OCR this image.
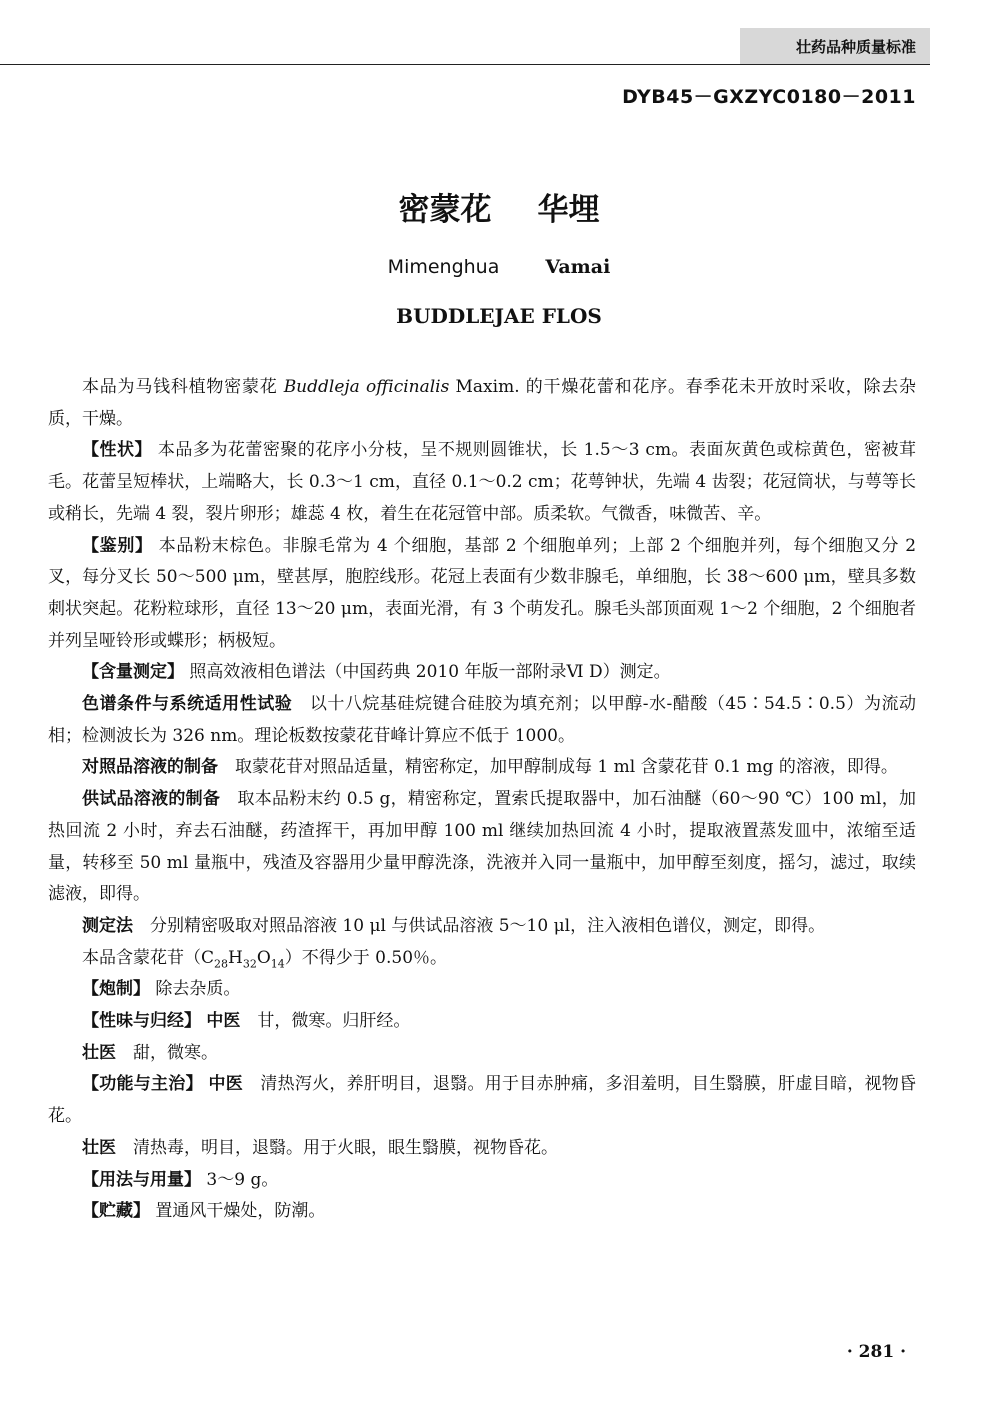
壮药品种质量标准
DYB45－GXZYC0180－2011
密蒙花 华埋
Mimenghua Vamai
BUDDLEJAE FLOS

本品为马钱科植物密蒙花 Buddleja officinalis Maxim. 的干燥花蕾和花序。春季花未开放时采收，除去杂质，干燥。

【性状】 本品多为花蕾密聚的花序小分枝，呈不规则圆锥状，长 1.5～3 cm。表面灰黄色或棕黄色，密被茸毛。花蕾呈短棒状，上端略大，长 0.3～1 cm，直径 0.1～0.2 cm；花萼钟状，先端 4 齿裂；花冠筒状，与萼等长或稍长，先端 4 裂，裂片卵形；雄蕊 4 枚，着生在花冠管中部。质柔软。气微香，味微苦、辛。

【鉴别】 本品粉末棕色。非腺毛常为 4 个细胞，基部 2 个细胞单列；上部 2 个细胞并列，每个细胞又分 2 叉，每分叉长 50～500 μm，壁甚厚，胞腔线形。花冠上表面有少数非腺毛，单细胞，长 38～600 μm，壁具多数刺状突起。花粉粒球形，直径 13～20 μm，表面光滑，有 3 个萌发孔。腺毛头部顶面观 1～2 个细胞，2 个细胞者并列呈哑铃形或蝶形；柄极短。

【含量测定】 照高效液相色谱法（中国药典 2010 年版一部附录Ⅵ D）测定。

色谱条件与系统适用性试验　 以十八烷基硅烷键合硅胶为填充剂；以甲醇-水-醋酸（45∶54.5∶0.5）为流动相；检测波长为 326 nm。理论板数按蒙花苷峰计算应不低于 1000。

对照品溶液的制备　 取蒙花苷对照品适量，精密称定，加甲醇制成每 1 ml 含蒙花苷 0.1 mg 的溶液，即得。

供试品溶液的制备　 取本品粉末约 0.5 g，精密称定，置索氏提取器中，加石油醚（60～90 ℃）100 ml，加热回流 2 小时，弃去石油醚，药渣挥干，再加甲醇 100 ml 继续加热回流 4 小时，提取液置蒸发皿中，浓缩至适量，转移至 50 ml 量瓶中，残渣及容器用少量甲醇洗涤，洗液并入同一量瓶中，加甲醇至刻度，摇匀，滤过，取续滤液，即得。

测定法　 分别精密吸取对照品溶液 10 μl 与供试品溶液 5～10 μl，注入液相色谱仪，测定，即得。

本品含蒙花苷$(C_{28}H_{32}O_{14})$不得少于 0.50％。

【炮制】 除去杂质。

【性味与归经】 中医　 甘，微寒。归肝经。

壮医　 甜，微寒。

【功能与主治】 中医　 清热泻火，养肝明目，退翳。用于目赤肿痛，多泪羞明，目生翳膜，肝虚目暗，视物昏花。

壮医　 清热毒，明目，退翳。用于火眼，眼生翳膜，视物昏花。

【用法与用量】 3～9 g。

【贮藏】 置通风干燥处，防潮。

· 281 ·
